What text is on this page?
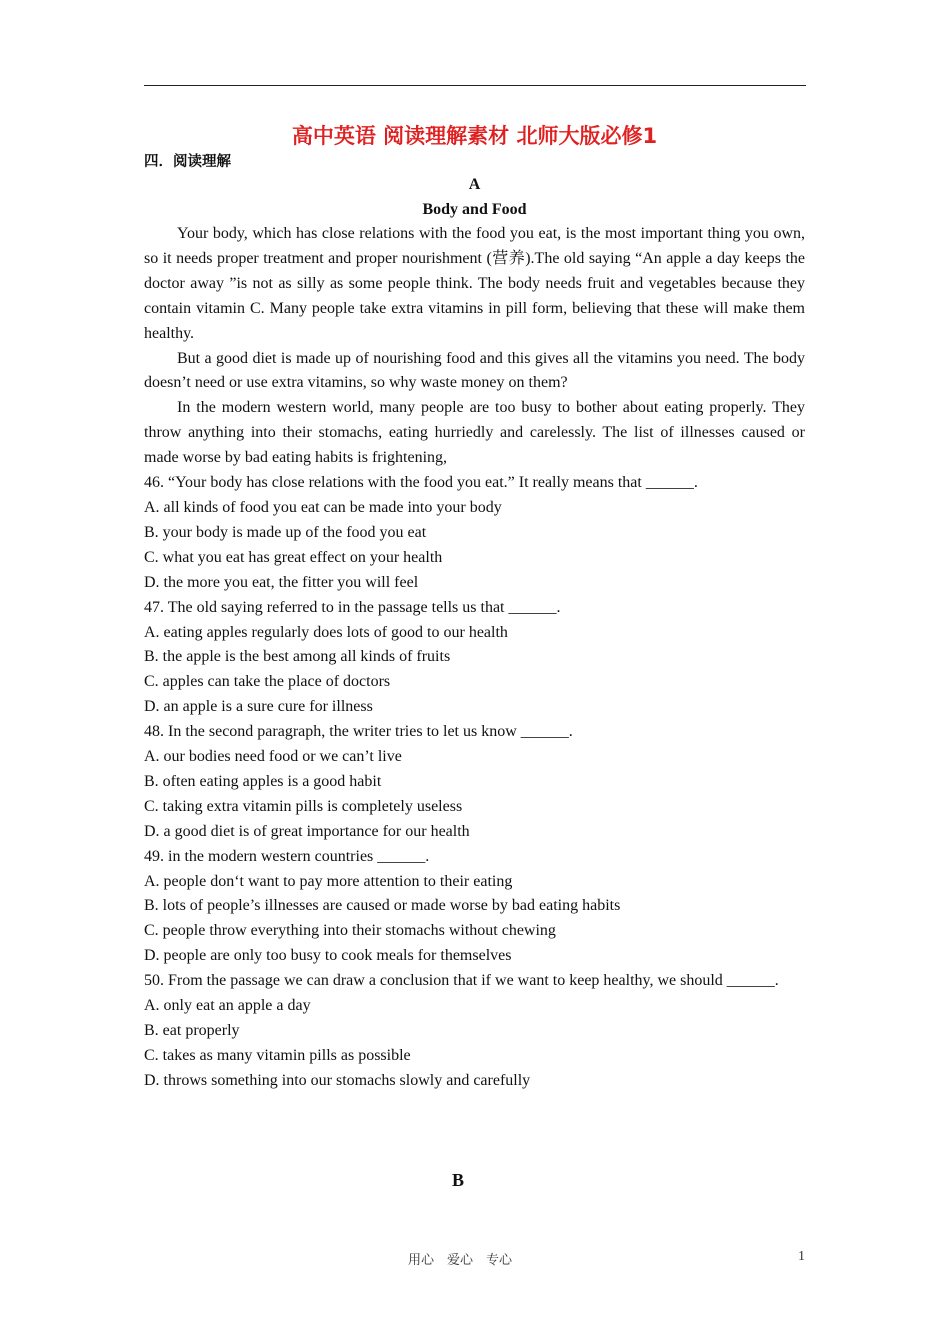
高中英语 阅读理解素材 北师大版必修1
四．阅读理解
A
Body and Food

Your body, which has close relations with the food you eat, is the most important thing you own, so it needs proper treatment and proper nourishment (营养).The old saying “An apple a day keeps the doctor away ”is not as silly as some people think. The body needs fruit and vegetables because they contain vitamin C. Many people take extra vitamins in pill form, believing that these will make them healthy.

But a good diet is made up of nourishing food and this gives all the vitamins you need. The body doesn’t need or use extra vitamins, so why waste money on them?

In the modern western world, many people are too busy to bother about eating properly. They throw anything into their stomachs, eating hurriedly and carelessly. The list of illnesses caused or made worse by bad eating habits is frightening,

46. “Your body has close relations with the food you eat.” It really means that ______.

A. all kinds of food you eat can be made into your body

B. your body is made up of the food you eat

C. what you eat has great effect on your health

D. the more you eat, the fitter you will feel

47. The old saying referred to in the passage tells us that ______.

A. eating apples regularly does lots of good to our health

B. the apple is the best among all kinds of fruits

C. apples can take the place of doctors

D. an apple is a sure cure for illness

48. In the second paragraph, the writer tries to let us know ______.

A. our bodies need food or we can’t live

B. often eating apples is a good habit

C. taking extra vitamin pills is completely useless

D. a good diet is of great importance for our health

49. in the modern western countries ______.

A. people don‘t want to pay more attention to their eating

B. lots of people’s illnesses are caused or made worse by bad eating habits

C. people throw everything into their stomachs without chewing

D. people are only too busy to cook meals for themselves

50. From the passage we can draw a conclusion that if we want to keep healthy, we should ______.

A. only eat an apple a day

B. eat properly

C. takes as many vitamin pills as possible

D. throws something into our stomachs slowly and carefully

B
用心　爱心　专心	1
